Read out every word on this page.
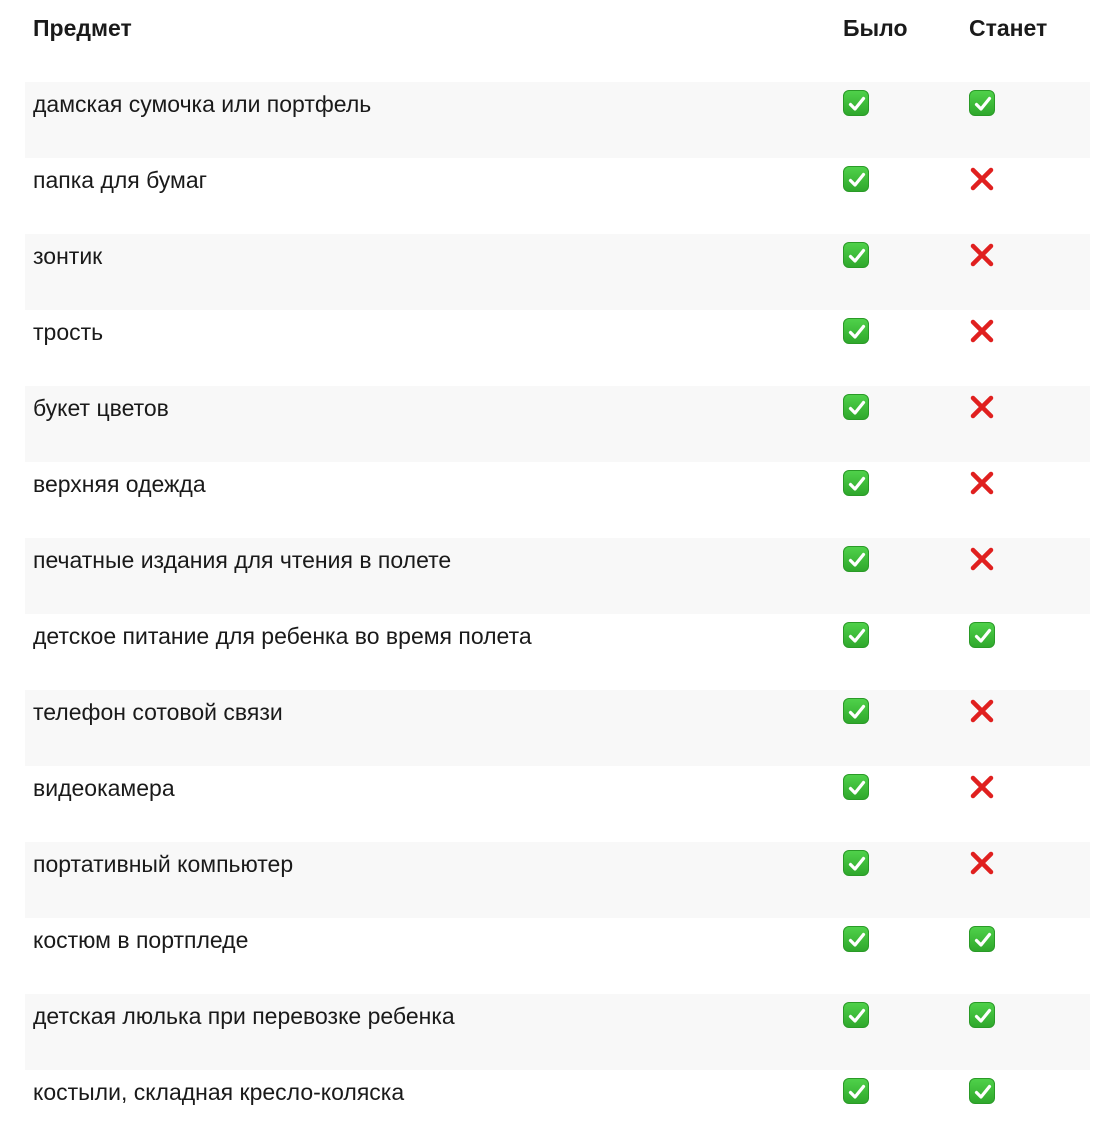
Предмет	Было	Станет
дамская сумочка или портфель
папка для бумаг
зонтик
трость
букет цветов
верхняя одежда
печатные издания для чтения в полете
детское питание для ребенка во время полета
телефон сотовой связи
видеокамера
портативный компьютер
костюм в портпледе
детская люлька при перевозке ребенка
костыли, складная кресло-коляска
